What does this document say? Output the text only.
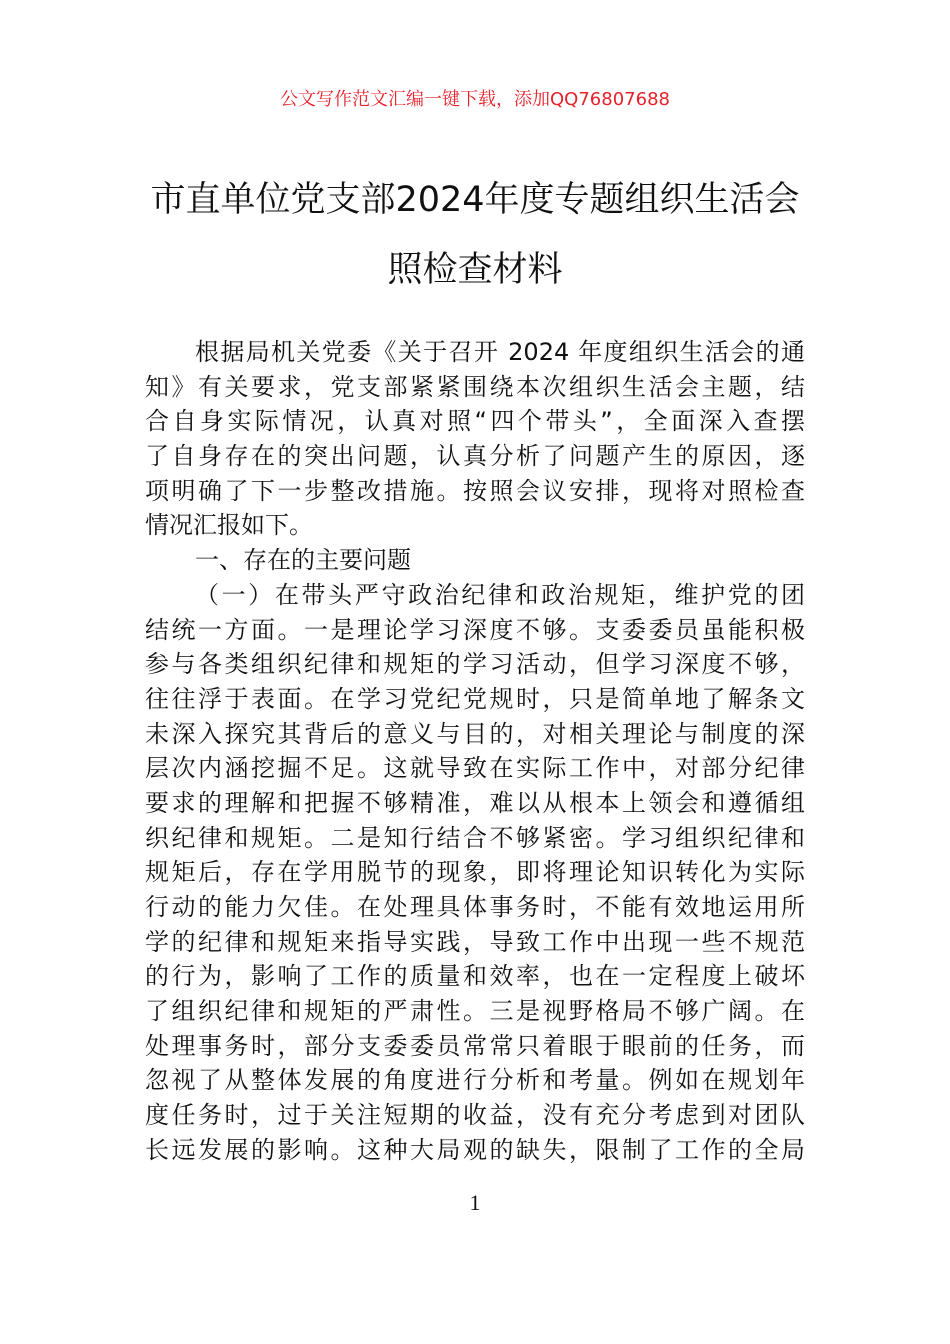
公文写作范文汇编一键下载，添加QQ76807688
市直单位党支部2024年度专题组织生活会
照检查材料
根据局机关党委《关于召开 2024 年度组织生活会的通
知》有关要求，党支部紧紧围绕本次组织生活会主题，结
合自身实际情况，认真对照“四个带头”，全面深入查摆
了自身存在的突出问题，认真分析了问题产生的原因，逐
项明确了下一步整改措施。按照会议安排，现将对照检查
情况汇报如下。
一、存在的主要问题
（一）在带头严守政治纪律和政治规矩，维护党的团
结统一方面。一是理论学习深度不够。支委委员虽能积极
参与各类组织纪律和规矩的学习活动，但学习深度不够，
往往浮于表面。在学习党纪党规时，只是简单地了解条文
未深入探究其背后的意义与目的，对相关理论与制度的深
层次内涵挖掘不足。这就导致在实际工作中，对部分纪律
要求的理解和把握不够精准，难以从根本上领会和遵循组
织纪律和规矩。二是知行结合不够紧密。学习组织纪律和
规矩后，存在学用脱节的现象，即将理论知识转化为实际
行动的能力欠佳。在处理具体事务时，不能有效地运用所
学的纪律和规矩来指导实践，导致工作中出现一些不规范
的行为，影响了工作的质量和效率，也在一定程度上破坏
了组织纪律和规矩的严肃性。三是视野格局不够广阔。在
处理事务时，部分支委委员常常只着眼于眼前的任务，而
忽视了从整体发展的角度进行分析和考量。例如在规划年
度任务时，过于关注短期的收益，没有充分考虑到对团队
长远发展的影响。这种大局观的缺失，限制了工作的全局
1
